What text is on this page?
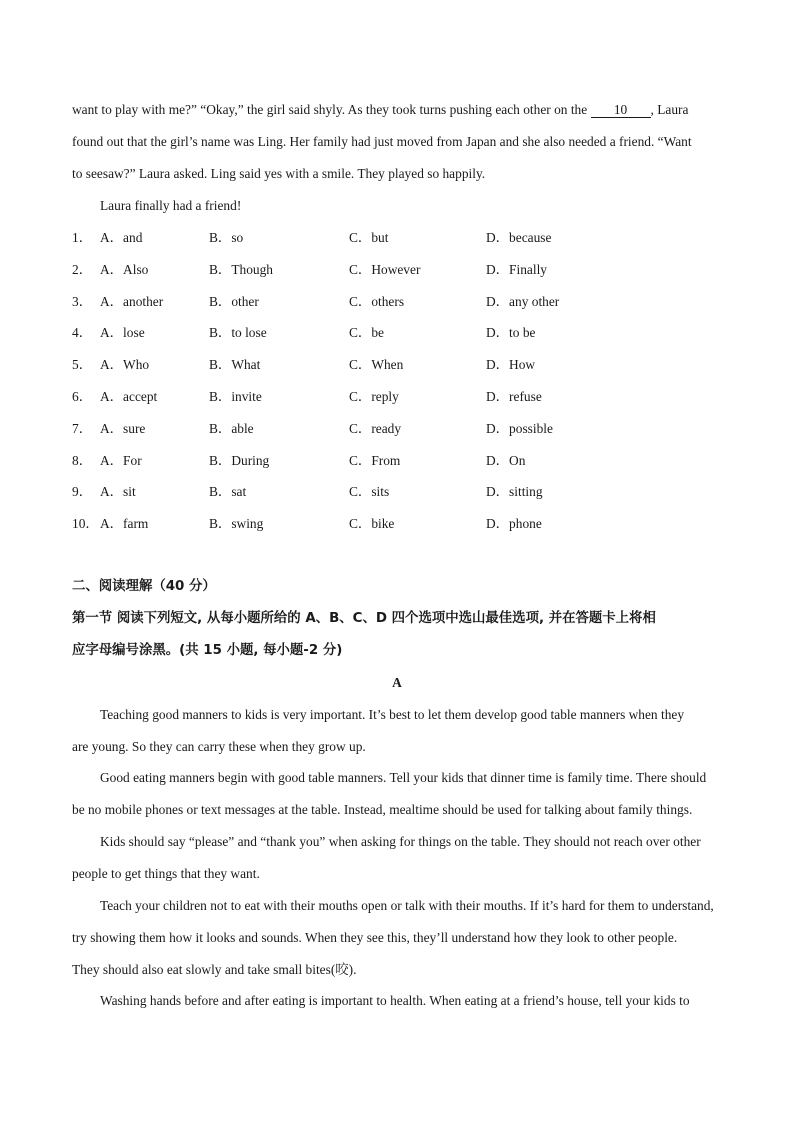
want to play with me?” “Okay,” the girl said shyly. As they took turns pushing each other on the 10 , Laura
found out that the girl’s name was Ling. Her family had just moved from Japan and she also needed a friend. “Want
to seesaw?” Laura asked. Ling said yes with a smile. They played so happily.
Laura finally had a friend!
1． A．and	B．so	C．but	D．because
2． A．Also	B．Though	C．However	D．Finally
3． A．another	B．other	C．others	D．any other
4． A．lose	B．to lose	C．be	D．to be
5． A．Who	B．What	C．When	D．How
6． A．accept	B．invite	C．reply	D．refuse
7． A．sure	B．able	C．ready	D．possible
8． A．For	B．During	C．From	D．On
9． A．sit	B．sat	C．sits	D．sitting
10． A．farm	B．swing	C．bike	D．phone
二、阅读理解（40 分）
第一节 阅读下列短文, 从每小题所给的 A、B、C、D 四个选项中选山最佳选项, 并在答题卡上将相
应字母编号涂黑。(共 15 小题, 每小题-2 分)
A
Teaching good manners to kids is very important. It’s best to let them develop good table manners when they
are young. So they can carry these when they grow up.
Good eating manners begin with good table manners. Tell your kids that dinner time is family time. There should
be no mobile phones or text messages at the table. Instead, mealtime should be used for talking about family things.
Kids should say “please” and “thank you” when asking for things on the table. They should not reach over other
people to get things that they want.
Teach your children not to eat with their mouths open or talk with their mouths. If it’s hard for them to understand,
try showing them how it looks and sounds. When they see this, they’ll understand how they look to other people.
They should also eat slowly and take small bites(咬).
Washing hands before and after eating is important to health. When eating at a friend’s house, tell your kids to
